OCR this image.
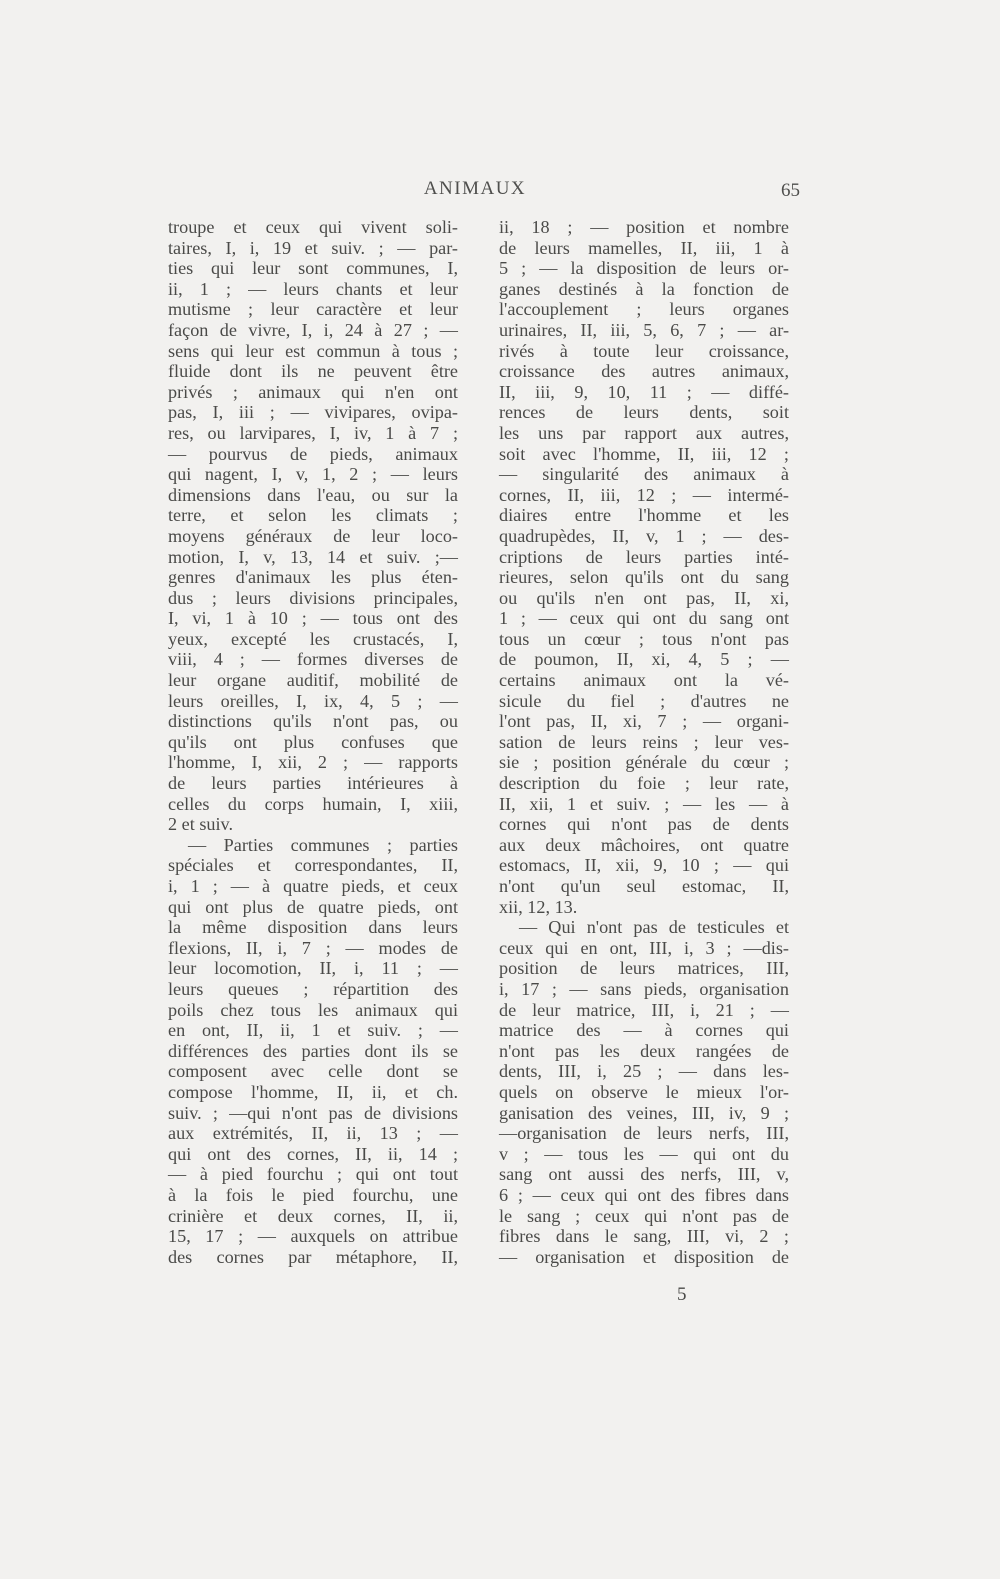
ANIMAUX	65
troupe et ceux qui vivent soli-
taires, I, i, 19 et suiv. ; — par-
ties qui leur sont communes, I,
ii, 1 ; — leurs chants et leur
mutisme ; leur caractère et leur
façon de vivre, I, i, 24 à 27 ; —
sens qui leur est commun à tous ;
fluide dont ils ne peuvent être
privés ; animaux qui n'en ont
pas, I, iii ; — vivipares, ovipa-
res, ou larvipares, I, iv, 1 à 7 ;
— pourvus de pieds, animaux
qui nagent, I, v, 1, 2 ; — leurs
dimensions dans l'eau, ou sur la
terre, et selon les climats ;
moyens généraux de leur loco-
motion, I, v, 13, 14 et suiv. ;—
genres d'animaux les plus éten-
dus ; leurs divisions principales,
I, vi, 1 à 10 ; — tous ont des
yeux, excepté les crustacés, I,
viii, 4 ; — formes diverses de
leur organe auditif, mobilité de
leurs oreilles, I, ix, 4, 5 ; —
distinctions qu'ils n'ont pas, ou
qu'ils ont plus confuses que
l'homme, I, xii, 2 ; — rapports
de leurs parties intérieures à
celles du corps humain, I, xiii,
2 et suiv.
— Parties communes ; parties
spéciales et correspondantes, II,
i, 1 ; — à quatre pieds, et ceux
qui ont plus de quatre pieds, ont
la même disposition dans leurs
flexions, II, i, 7 ; — modes de
leur locomotion, II, i, 11 ; —
leurs queues ; répartition des
poils chez tous les animaux qui
en ont, II, ii, 1 et suiv. ; —
différences des parties dont ils se
composent avec celle dont se
compose l'homme, II, ii, et ch.
suiv. ; —qui n'ont pas de divisions
aux extrémités, II, ii, 13 ; —
qui ont des cornes, II, ii, 14 ;
— à pied fourchu ; qui ont tout
à la fois le pied fourchu, une
crinière et deux cornes, II, ii,
15, 17 ; — auxquels on attribue
des cornes par métaphore, II,
ii, 18 ; — position et nombre
de leurs mamelles, II, iii, 1 à
5 ; — la disposition de leurs or-
ganes destinés à la fonction de
l'accouplement ; leurs organes
urinaires, II, iii, 5, 6, 7 ; — ar-
rivés à toute leur croissance,
croissance des autres animaux,
II, iii, 9, 10, 11 ; — diffé-
rences de leurs dents, soit
les uns par rapport aux autres,
soit avec l'homme, II, iii, 12 ;
— singularité des animaux à
cornes, II, iii, 12 ; — intermé-
diaires entre l'homme et les
quadrupèdes, II, v, 1 ; — des-
criptions de leurs parties inté-
rieures, selon qu'ils ont du sang
ou qu'ils n'en ont pas, II, xi,
1 ; — ceux qui ont du sang ont
tous un cœur ; tous n'ont pas
de poumon, II, xi, 4, 5 ; —
certains animaux ont la vé-
sicule du fiel ; d'autres ne
l'ont pas, II, xi, 7 ; — organi-
sation de leurs reins ; leur ves-
sie ; position générale du cœur ;
description du foie ; leur rate,
II, xii, 1 et suiv. ; — les — à
cornes qui n'ont pas de dents
aux deux mâchoires, ont quatre
estomacs, II, xii, 9, 10 ; — qui
n'ont qu'un seul estomac, II,
xii, 12, 13.
— Qui n'ont pas de testicules et
ceux qui en ont, III, i, 3 ; —dis-
position de leurs matrices, III,
i, 17 ; — sans pieds, organisation
de leur matrice, III, i, 21 ; —
matrice des — à cornes qui
n'ont pas les deux rangées de
dents, III, i, 25 ; — dans les-
quels on observe le mieux l'or-
ganisation des veines, III, iv, 9 ;
—organisation de leurs nerfs, III,
v ; — tous les — qui ont du
sang ont aussi des nerfs, III, v,
6 ; — ceux qui ont des fibres dans
le sang ; ceux qui n'ont pas de
fibres dans le sang, III, vi, 2 ;
— organisation et disposition de
5
